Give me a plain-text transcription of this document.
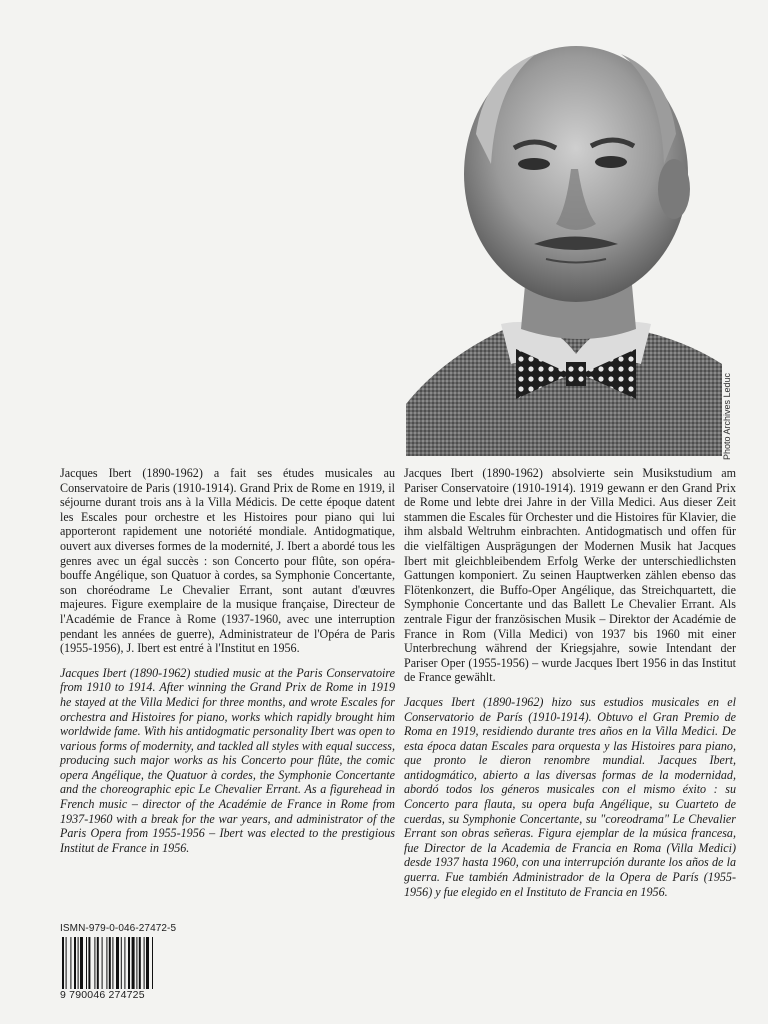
Photo Archives Leduc

Jacques Ibert (1890-1962) a fait ses études musicales au Conservatoire de Paris (1910-1914). Grand Prix de Rome en 1919, il séjourne durant trois ans à la Villa Médicis. De cette époque datent les Escales pour orchestre et les Histoires pour piano qui lui apporteront rapidement une notoriété mondiale. Antidogmatique, ouvert aux diverses formes de la modernité, J. Ibert a abordé tous les genres avec un égal succès : son Concerto pour flûte, son opéra-bouffe Angélique, son Quatuor à cordes, sa Symphonie Concertante, son choréodrame Le Chevalier Errant, sont autant d'œuvres majeures. Figure exemplaire de la musique française, Directeur de l'Académie de France à Rome (1937-1960, avec une interruption pendant les années de guerre), Administrateur de l'Opéra de Paris (1955-1956), J. Ibert est entré à l'Institut en 1956.

Jacques Ibert (1890-1962) studied music at the Paris Conservatoire from 1910 to 1914. After winning the Grand Prix de Rome in 1919 he stayed at the Villa Medici for three months, and wrote Escales for orchestra and Histoires for piano, works which rapidly brought him worldwide fame. With his antidogmatic personality Ibert was open to various forms of modernity, and tackled all styles with equal success, producing such major works as his Concerto pour flûte, the comic opera Angélique, the Quatuor à cordes, the Symphonie Concertante and the choreographic epic Le Chevalier Errant. As a figurehead in French music – director of the Académie de France in Rome from 1937-1960 with a break for the war years, and administrator of the Paris Opera from 1955-1956 – Ibert was elected to the prestigious Institut de France in 1956.

Jacques Ibert (1890-1962) absolvierte sein Musikstudium am Pariser Conservatoire (1910-1914). 1919 gewann er den Grand Prix de Rome und lebte drei Jahre in der Villa Medici. Aus dieser Zeit stammen die Escales für Orchester und die Histoires für Klavier, die ihm alsbald Weltruhm einbrachten. Antidogmatisch und offen für die vielfältigen Ausprägungen der Modernen Musik hat Jacques Ibert mit gleichbleibendem Erfolg Werke der unterschiedlichsten Gattungen komponiert. Zu seinen Hauptwerken zählen ebenso das Flötenkonzert, die Buffo-Oper Angélique, das Streichquartett, die Symphonie Concertante und das Ballett Le Chevalier Errant. Als zentrale Figur der französischen Musik – Direktor der Académie de France in Rom (Villa Medici) von 1937 bis 1960 mit einer Unterbrechung während der Kriegsjahre, sowie Intendant der Pariser Oper (1955-1956) – wurde Jacques Ibert 1956 in das Institut de France gewählt.

Jacques Ibert (1890-1962) hizo sus estudios musicales en el Conservatorio de París (1910-1914). Obtuvo el Gran Premio de Roma en 1919, residiendo durante tres años en la Villa Medici. De esta época datan Escales para orquesta y las Histoires para piano, que pronto le dieron renombre mundial. Jacques Ibert, antidogmático, abierto a las diversas formas de la modernidad, abordó todos los géneros musicales con el mismo éxito : su Concerto para flauta, su opera bufa Angélique, su Cuarteto de cuerdas, su Symphonie Concertante, su "coreodrama" Le Chevalier Errant son obras señeras. Figura ejemplar de la música francesa, fue Director de la Academia de Francia en Roma (Villa Medici) desde 1937 hasta 1960, con una interrupción durante los años de la guerra. Fue también Administrador de la Opera de París (1955-1956) y fue elegido en el Instituto de Francia en 1956.

ISMN-979-0-046-27472-5
9 790046 274725
